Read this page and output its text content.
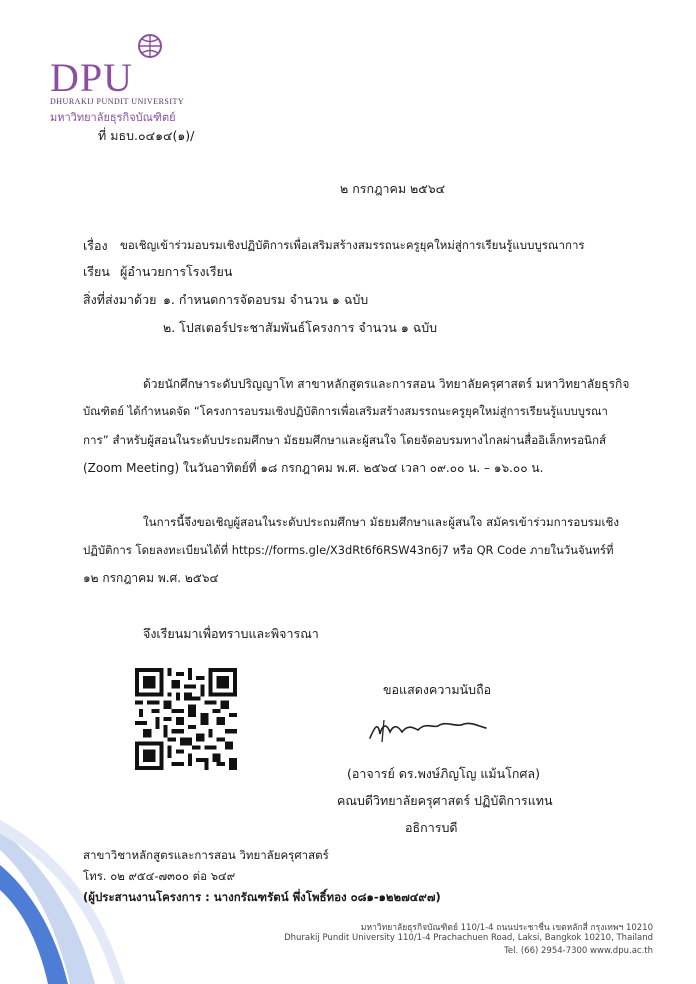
DPU
DHURAKIJ PUNDIT UNIVERSITY
มหาวิทยาลัยธุรกิจบัณฑิตย์
ที่ มธบ.๐๔๑๔(๑)/
๒ กรกฎาคม ๒๕๖๔
เรื่อง ขอเชิญเข้าร่วมอบรมเชิงปฏิบัติการเพื่อเสริมสร้างสมรรถนะครูยุคใหม่สู่การเรียนรู้แบบบูรณาการ
เรียน ผู้อำนวยการโรงเรียน
สิ่งที่ส่งมาด้วย ๑. กำหนดการจัดอบรม จำนวน ๑ ฉบับ
๒. โปสเตอร์ประชาสัมพันธ์โครงการ จำนวน ๑ ฉบับ
ด้วยนักศึกษาระดับปริญญาโท สาขาหลักสูตรและการสอน วิทยาลัยครุศาสตร์ มหาวิทยาลัยธุรกิจ
บัณฑิตย์ ได้กำหนดจัด “โครงการอบรมเชิงปฏิบัติการเพื่อเสริมสร้างสมรรถนะครูยุคใหม่สู่การเรียนรู้แบบบูรณา
การ” สำหรับผู้สอนในระดับประถมศึกษา มัธยมศึกษาและผู้สนใจ โดยจัดอบรมทางไกลผ่านสื่ออิเล็กทรอนิกส์
(Zoom Meeting) ในวันอาทิตย์ที่ ๑๘ กรกฎาคม พ.ศ. ๒๕๖๔ เวลา ๐๙.๐๐ น. – ๑๖.๐๐ น.
ในการนี้จึงขอเชิญผู้สอนในระดับประถมศึกษา มัธยมศึกษาและผู้สนใจ สมัครเข้าร่วมการอบรมเชิง
ปฏิบัติการ โดยลงทะเบียนได้ที่ https://forms.gle/X3dRt6f6RSW43n6j7 หรือ QR Code ภายในวันจันทร์ที่
๑๒ กรกฎาคม พ.ศ. ๒๕๖๔
จึงเรียนมาเพื่อทราบและพิจารณา
ขอแสดงความนับถือ
(อาจารย์ ดร.พงษ์ภิญโญ แม้นโกศล)
คณบดีวิทยาลัยครุศาสตร์ ปฏิบัติการแทน
อธิการบดี
สาขาวิชาหลักสูตรและการสอน วิทยาลัยครุศาสตร์
โทร. ๐๒ ๙๕๔-๗๓๐๐ ต่อ ๖๔๙
(ผู้ประสานงานโครงการ : นางกรัณฑรัตน์ พึ่งโพธิ์ทอง ๐๘๑-๑๒๒๗๔๙๗)
มหาวิทยาลัยธุรกิจบัณฑิตย์ 110/1-4 ถนนประชาชื่น เขตหลักสี่ กรุงเทพฯ 10210
Dhurakij Pundit University 110/1-4 Prachachuen Road, Laksi, Bangkok 10210, Thailand
Tel. (66) 2954-7300 www.dpu.ac.th
